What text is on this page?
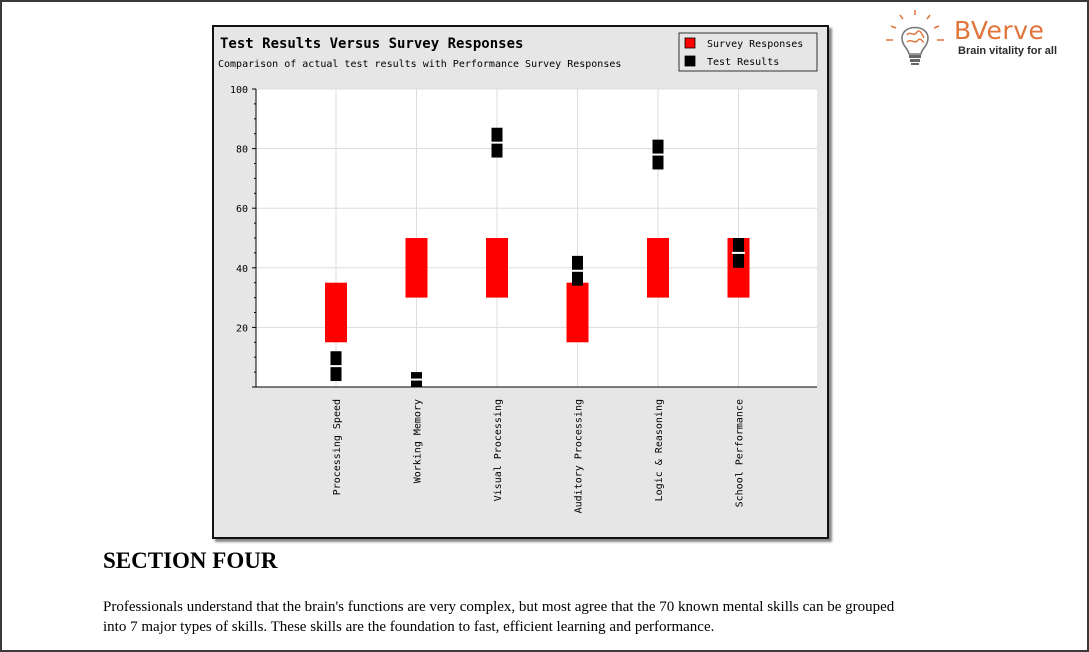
BVerve
Brain vitality for all
Test Results Versus Survey Responses
Comparison of actual test results with Performance Survey Responses
Survey Responses
Test Results
20
40
60
80
100
Processing Speed	Working Memory	Visual Processing	Auditory Processing	Logic & Reasoning	School Performance
SECTION FOUR
Professionals understand that the brain's functions are very complex, but most agree that the 70 known mental skills can be grouped
into 7 major types of skills. These skills are the foundation to fast, efficient learning and performance.
